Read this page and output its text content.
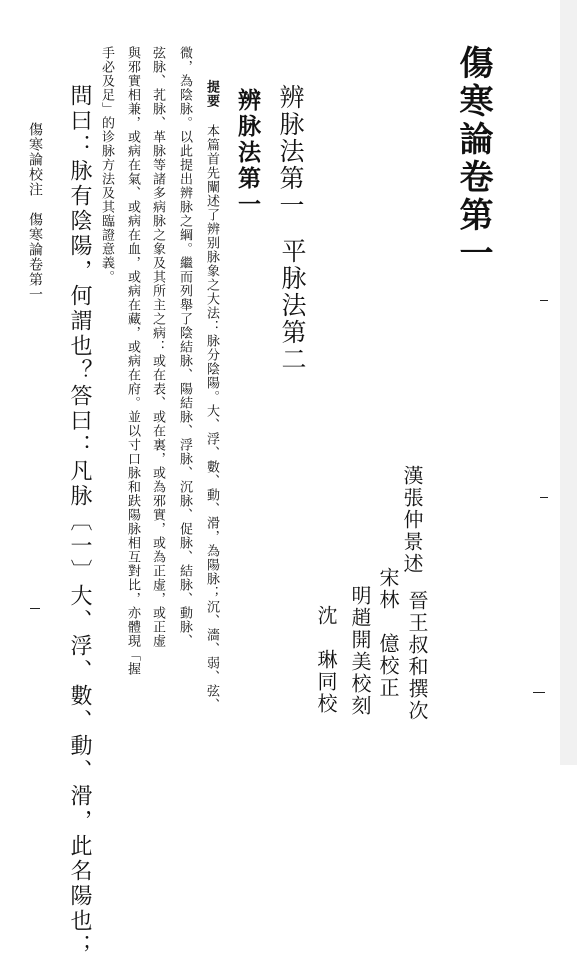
傷寒論卷第一
辨脉法第一
平脉法第二
辨脉法第一
漢張仲景述
晉王叔和撰次
宋林　億校正
明趙開美校刻
沈　琳同校
提要 本篇首先闡述了辨别脉象之大法：脉分陰陽。大、浮、數、動、滑，為陽脉；沉、濇、弱、弦、
微，為陰脉。以此提出辨脉之綱。繼而列舉了陰結脉、陽結脉、浮脉、沉脉、促脉、結脉、動脉、
弦脉、芤脉、革脉等諸多病脉之象及其所主之病：或在表、或在裏，或為邪實，或為正虚，或正虚
與邪實相兼，或病在氣、或病在血，或病在藏，或病在府。並以寸口脉和趺陽脉相互對比，亦體現「握
手必及足」的诊脉方法及其臨證意義。
問曰：脉有陰陽，何謂也？答曰：凡脉〔一〕大、浮、數、動、滑，此名陽也；
傷寒論校注　傷寒論卷第一
